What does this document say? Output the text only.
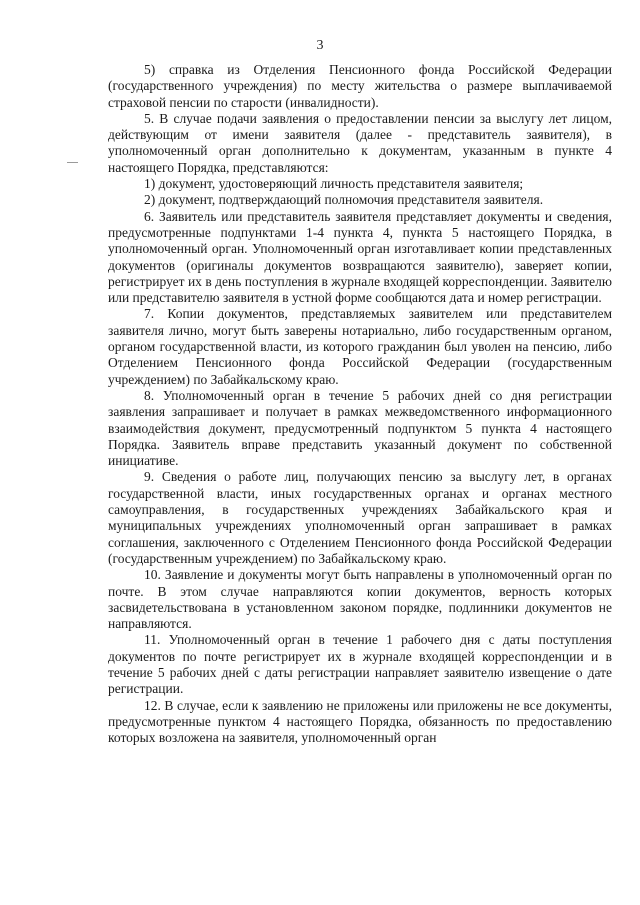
3

5) справка из Отделения Пенсионного фонда Российской Федерации (государственного учреждения) по месту жительства о размере выплачиваемой страховой пенсии по старости (инвалидности).

5. В случае подачи заявления о предоставлении пенсии за выслугу лет лицом, действующим от имени заявителя (далее - представитель заявителя), в уполномоченный орган дополнительно к документам, указанным в пункте 4 настоящего Порядка, представляются:

1) документ, удостоверяющий личность представителя заявителя;

2) документ, подтверждающий полномочия представителя заявителя.

6. Заявитель или представитель заявителя представляет документы и сведения, предусмотренные подпунктами 1-4 пункта 4, пункта 5 настоящего Порядка, в уполномоченный орган. Уполномоченный орган изготавливает копии представленных документов (оригиналы документов возвращаются заявителю), заверяет копии, регистрирует их в день поступления в журнале входящей корреспонденции. Заявителю или представителю заявителя в устной форме сообщаются дата и номер регистрации.

7. Копии документов, представляемых заявителем или представителем заявителя лично, могут быть заверены нотариально, либо государственным органом, органом государственной власти, из которого гражданин был уволен на пенсию, либо Отделением Пенсионного фонда Российской Федерации (государственным учреждением) по Забайкальскому краю.

8. Уполномоченный орган в течение 5 рабочих дней со дня регистрации заявления запрашивает и получает в рамках межведомственного информационного взаимодействия документ, предусмотренный подпунктом 5 пункта 4 настоящего Порядка. Заявитель вправе представить указанный документ по собственной инициативе.

9. Сведения о работе лиц, получающих пенсию за выслугу лет, в органах государственной власти, иных государственных органах и органах местного самоуправления, в государственных учреждениях Забайкальского края и муниципальных учреждениях уполномоченный орган запрашивает в рамках соглашения, заключенного с Отделением Пенсионного фонда Российской Федерации (государственным учреждением) по Забайкальскому краю.

10. Заявление и документы могут быть направлены в уполномоченный орган по почте. В этом случае направляются копии документов, верность которых засвидетельствована в установленном законом порядке, подлинники документов не направляются.

11. Уполномоченный орган в течение 1 рабочего дня с даты поступления документов по почте регистрирует их в журнале входящей корреспонденции и в течение 5 рабочих дней с даты регистрации направляет заявителю извещение о дате регистрации.

12. В случае, если к заявлению не приложены или приложены не все документы, предусмотренные пунктом 4 настоящего Порядка, обязанность по предоставлению которых возложена на заявителя, уполномоченный орган
